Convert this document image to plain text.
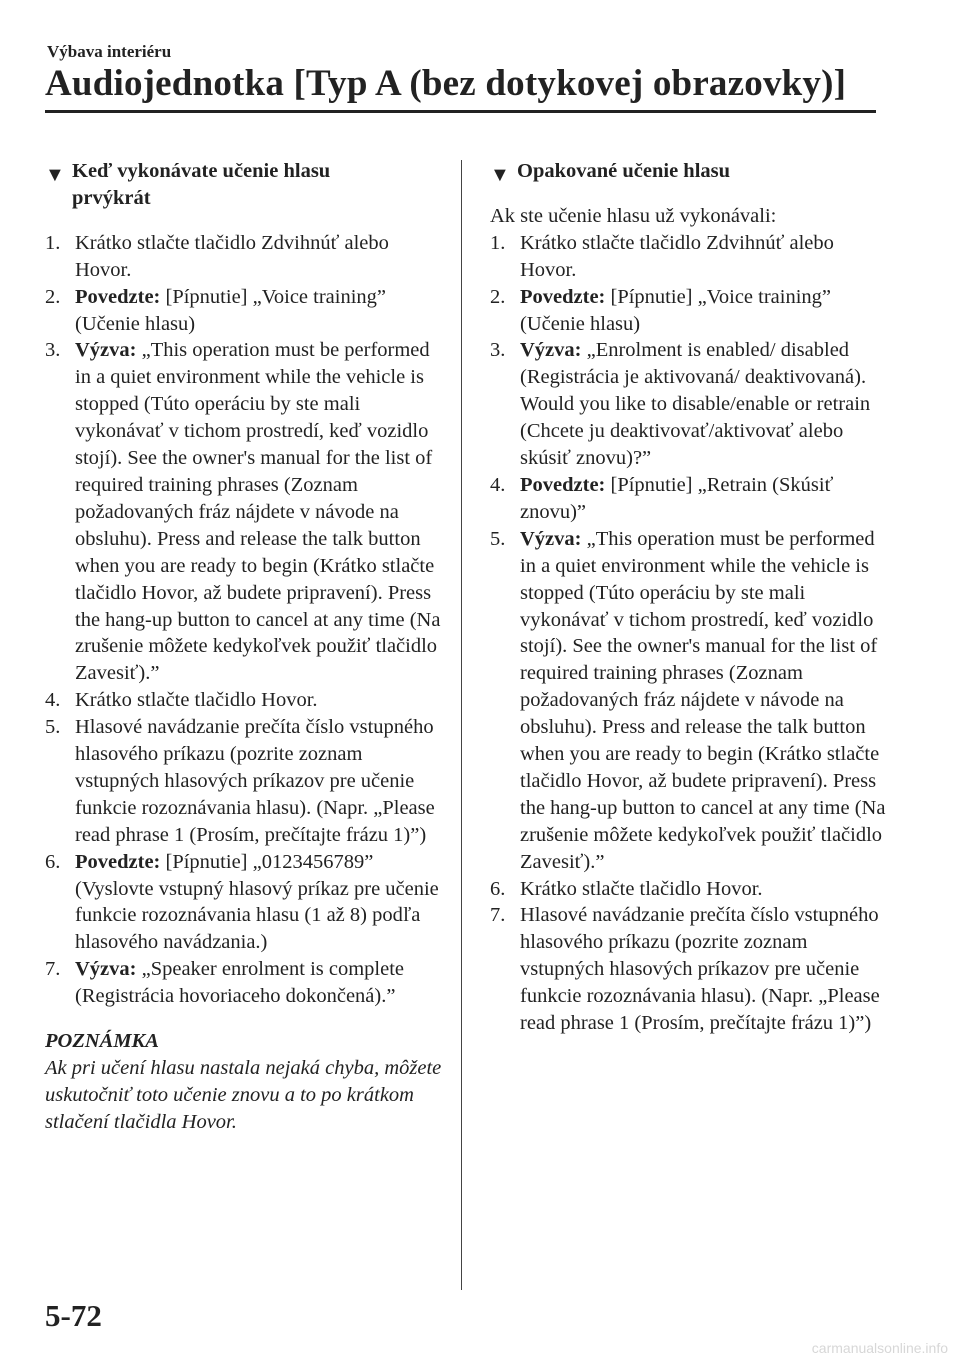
Výbava interiéru
Audiojednotka [Typ A (bez dotykovej obrazovky)]
▼ Keď vykonávate učenie hlasu
prvýkrát
1. Krátko stlačte tlačidlo Zdvihnúť alebo Hovor.
2. Povedzte: [Pípnutie] „Voice training” (Učenie hlasu)
3. Výzva: „This operation must be performed in a quiet environment while the vehicle is stopped (Túto operáciu by ste mali vykonávať v tichom prostredí, keď vozidlo stojí). See the owner's manual for the list of required training phrases (Zoznam požadovaných fráz nájdete v návode na obsluhu). Press and release the talk button when you are ready to begin (Krátko stlačte tlačidlo Hovor, až budete pripravení). Press the hang-up button to cancel at any time (Na zrušenie môžete kedykoľvek použiť tlačidlo Zavesiť).”
4. Krátko stlačte tlačidlo Hovor.
5. Hlasové navádzanie prečíta číslo vstupného hlasového príkazu (pozrite zoznam vstupných hlasových príkazov pre učenie funkcie rozoznávania hlasu). (Napr. „Please read phrase 1 (Prosím, prečítajte frázu 1)”)
6. Povedzte: [Pípnutie] „0123456789” (Vyslovte vstupný hlasový príkaz pre učenie funkcie rozoznávania hlasu (1 až 8) podľa hlasového navádzania.)
7. Výzva: „Speaker enrolment is complete (Registrácia hovoriaceho dokončená).”
POZNÁMKA
Ak pri učení hlasu nastala nejaká chyba, môžete uskutočniť toto učenie znovu a to po krátkom stlačení tlačidla Hovor.
▼ Opakované učenie hlasu

Ak ste učenie hlasu už vykonávali:

1. Krátko stlačte tlačidlo Zdvihnúť alebo Hovor.
2. Povedzte: [Pípnutie] „Voice training” (Učenie hlasu)
3. Výzva: „Enrolment is enabled/ disabled (Registrácia je aktivovaná/ deaktivovaná). Would you like to disable/enable or retrain (Chcete ju deaktivovať/aktivovať alebo skúsiť znovu)?”
4. Povedzte: [Pípnutie] „Retrain (Skúsiť znovu)”
5. Výzva: „This operation must be performed in a quiet environment while the vehicle is stopped (Túto operáciu by ste mali vykonávať v tichom prostredí, keď vozidlo stojí). See the owner's manual for the list of required training phrases (Zoznam požadovaných fráz nájdete v návode na obsluhu). Press and release the talk button when you are ready to begin (Krátko stlačte tlačidlo Hovor, až budete pripravení). Press the hang-up button to cancel at any time (Na zrušenie môžete kedykoľvek použiť tlačidlo Zavesiť).”
6. Krátko stlačte tlačidlo Hovor.
7. Hlasové navádzanie prečíta číslo vstupného hlasového príkazu (pozrite zoznam vstupných hlasových príkazov pre učenie funkcie rozoznávania hlasu). (Napr. „Please read phrase 1 (Prosím, prečítajte frázu 1)”)
5-72
carmanualsonline.info
